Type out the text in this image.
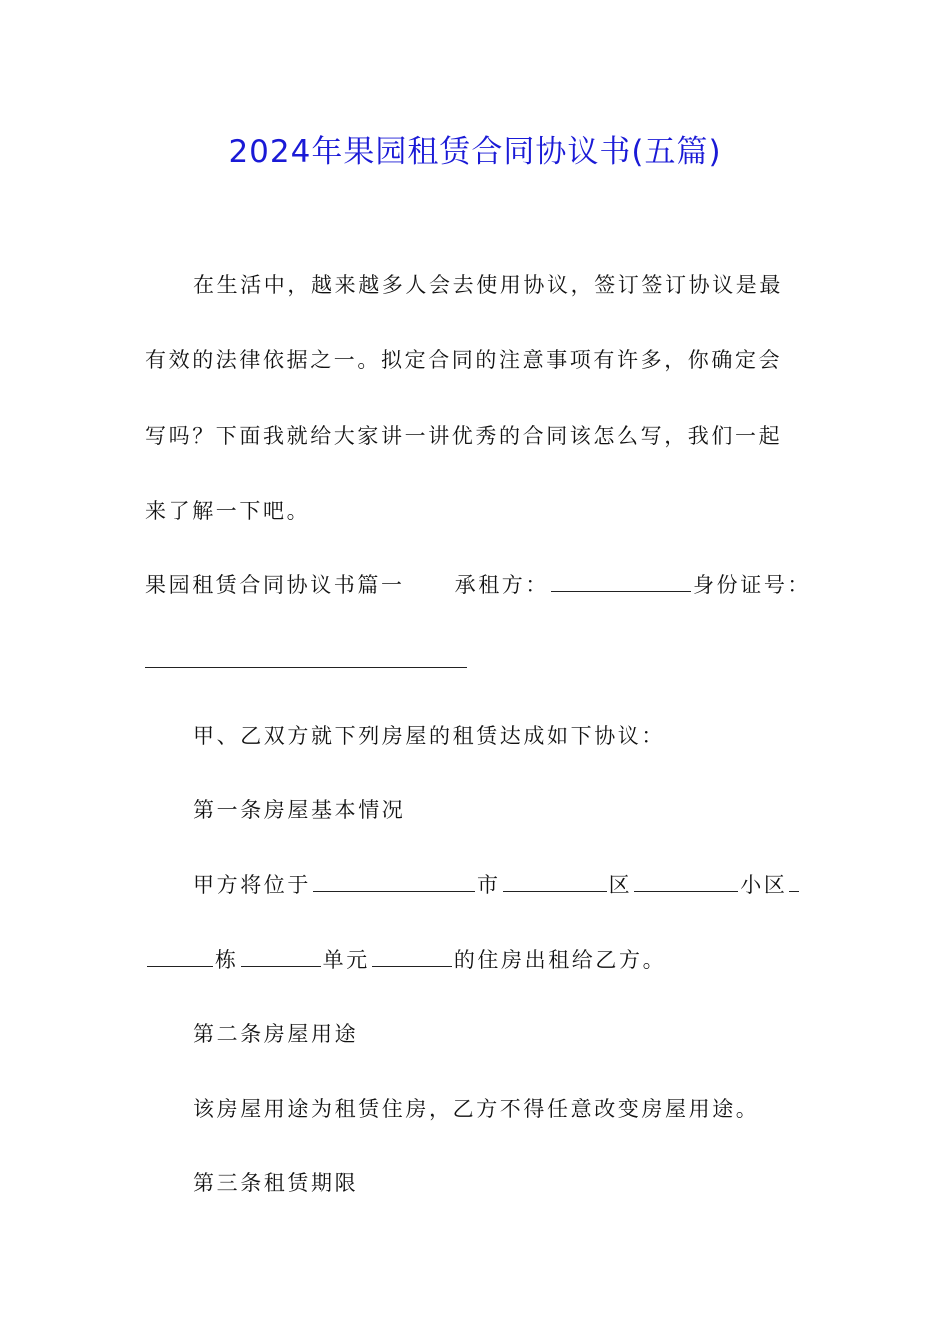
2024年果园租赁合同协议书(五篇)
在生活中，越来越多人会去使用协议，签订签订协议是最
有效的法律依据之一。拟定合同的注意事项有许多，你确定会
写吗？下面我就给大家讲一讲优秀的合同该怎么写，我们一起
来了解一下吧。
果园租赁合同协议书篇一 承租方：	身份证号：
甲、乙双方就下列房屋的租赁达成如下协议：
第一条房屋基本情况
甲方将位于	市	区	小区
栋	单元	的住房出租给乙方。
第二条房屋用途
该房屋用途为租赁住房，乙方不得任意改变房屋用途。
第三条租赁期限
